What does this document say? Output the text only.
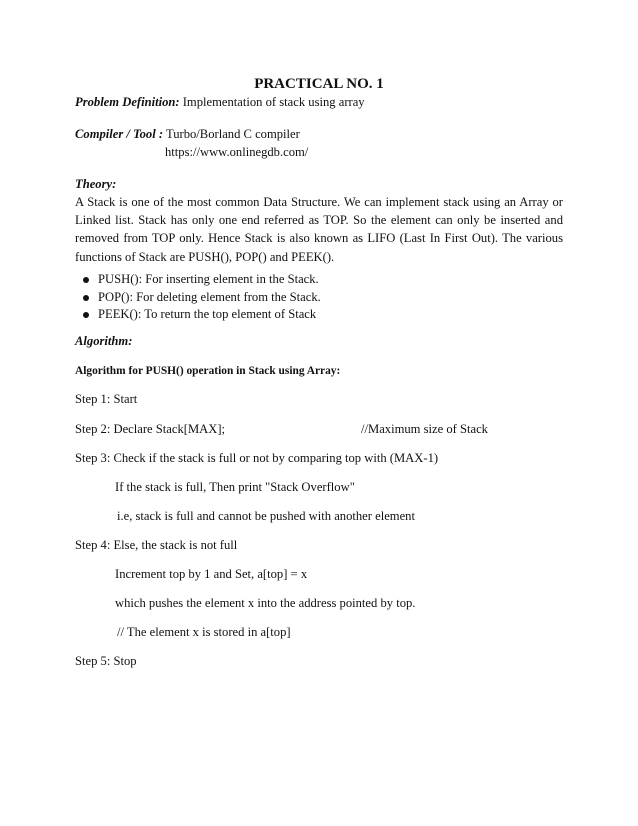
PRACTICAL NO. 1
Problem Definition: Implementation of stack using array
Compiler / Tool : Turbo/Borland C compiler
https://www.onlinegdb.com/
Theory:

A Stack is one of the most common Data Structure. We can implement stack using an Array or Linked list. Stack has only one end referred as TOP. So the element can only be inserted and removed from TOP only. Hence Stack is also known as LIFO (Last In First Out). The various functions of Stack are PUSH(), POP() and PEEK().

PUSH(): For inserting element in the Stack.
POP(): For deleting element from the Stack.
PEEK(): To return the top element of Stack
Algorithm:
Algorithm for PUSH() operation in Stack using Array:
Step 1: Start
Step 2: Declare Stack[MAX];	//Maximum size of Stack
Step 3: Check if the stack is full or not by comparing top with (MAX-1)
If the stack is full, Then print "Stack Overflow"
i.e, stack is full and cannot be pushed with another element
Step 4: Else, the stack is not full
Increment top by 1 and Set, a[top] = x
which pushes the element x into the address pointed by top.
// The element x is stored in a[top]
Step 5: Stop
